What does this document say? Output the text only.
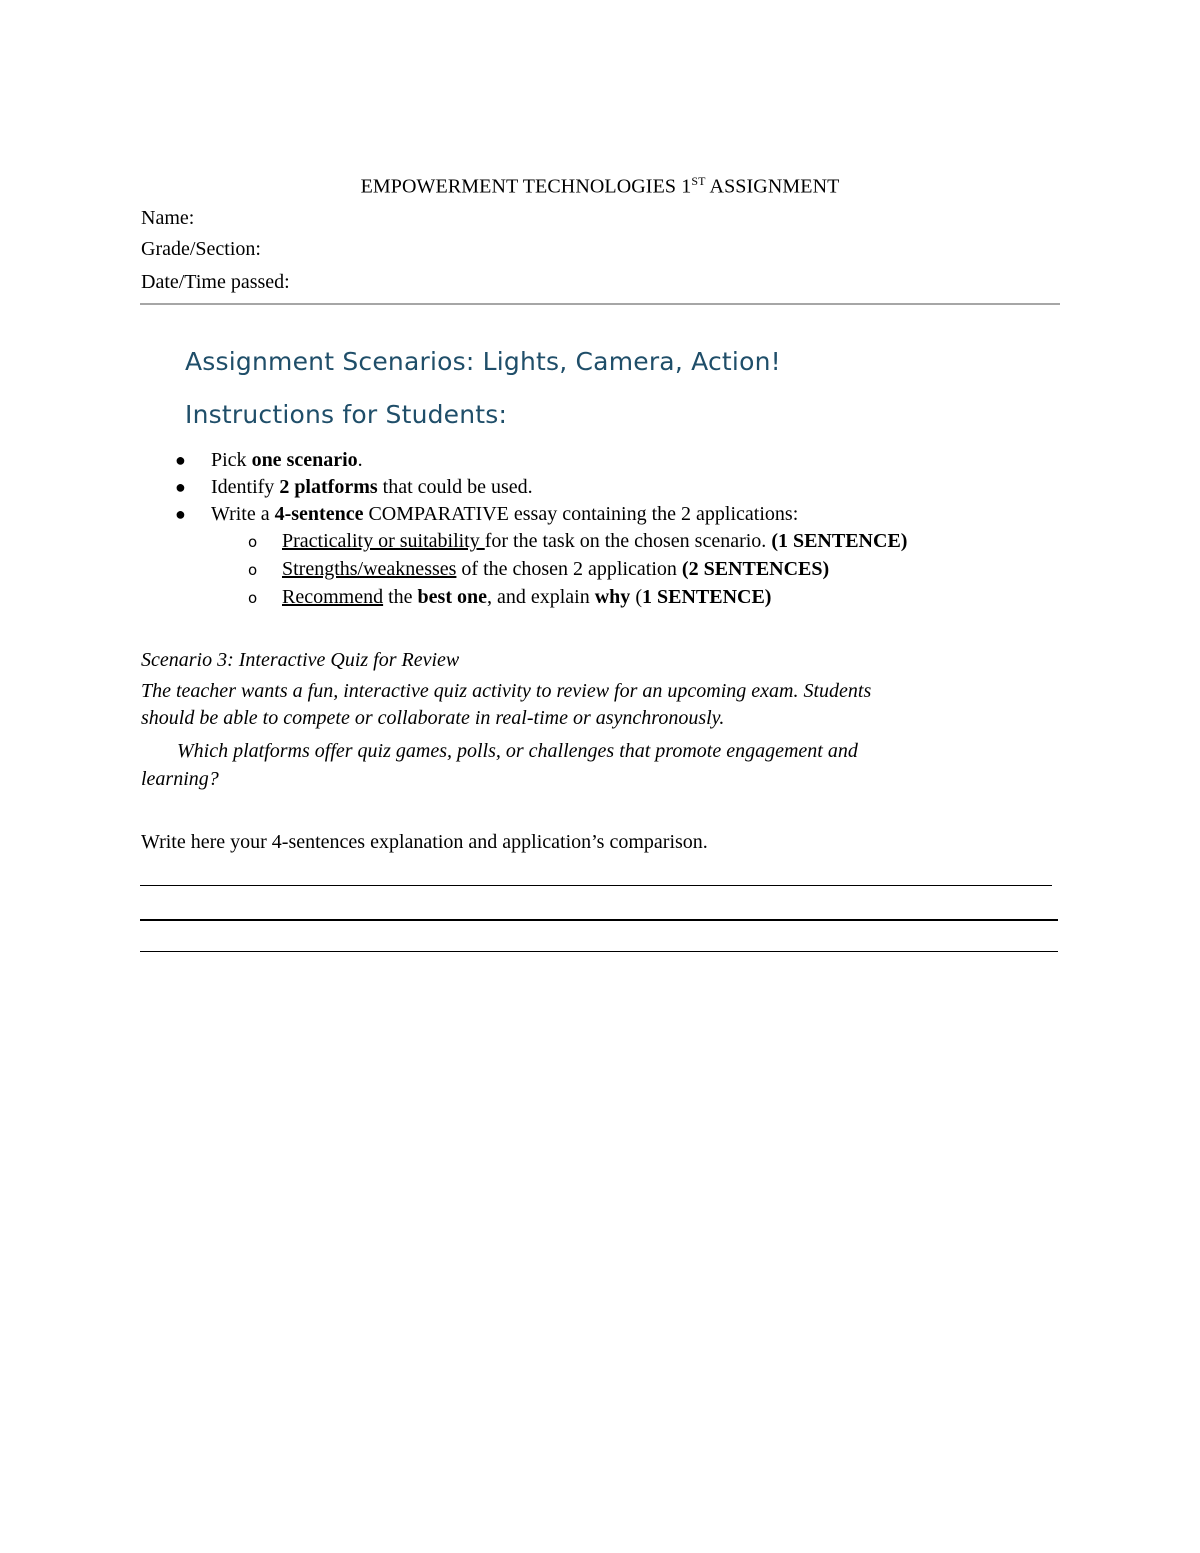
EMPOWERMENT TECHNOLOGIES 1ST ASSIGNMENT
Name:
Grade/Section:
Date/Time passed:
Assignment Scenarios: Lights, Camera, Action!
Instructions for Students:
● Pick one scenario.
● Identify 2 platforms that could be used.
● Write a 4-sentence COMPARATIVE essay containing the 2 applications:
o Practicality or suitability for the task on the chosen scenario. (1 SENTENCE)
o Strengths/weaknesses of the chosen 2 application (2 SENTENCES)
o Recommend the best one, and explain why (1 SENTENCE)
Scenario 3: Interactive Quiz for Review
The teacher wants a fun, interactive quiz activity to review for an upcoming exam. Students
should be able to compete or collaborate in real-time or asynchronously.
Which platforms offer quiz games, polls, or challenges that promote engagement and
learning?
Write here your 4-sentences explanation and application’s comparison.
